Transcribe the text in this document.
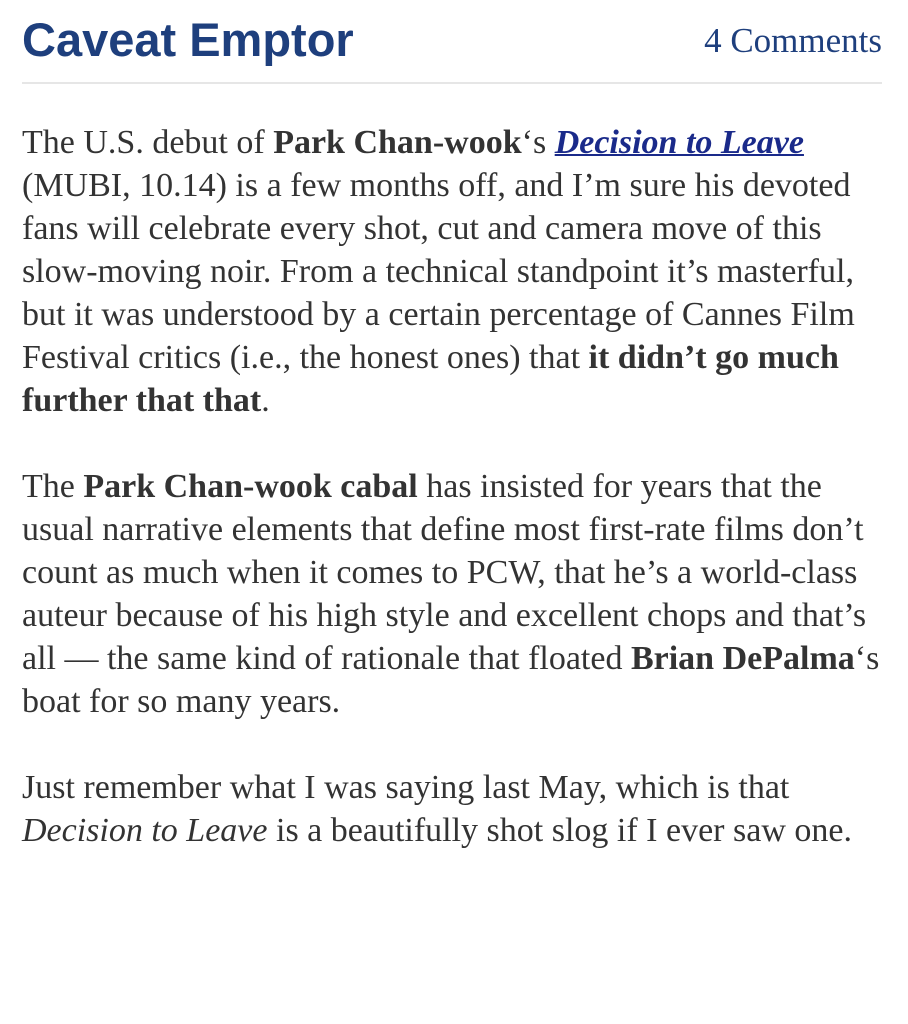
Caveat Emptor	4 Comments

The U.S. debut of Park Chan-wook‘s Decision to Leave (MUBI, 10.14) is a few months off, and I’m sure his devoted fans will celebrate every shot, cut and camera move of this slow-moving noir. From a technical standpoint it’s masterful, but it was understood by a certain percentage of Cannes Film Festival critics (i.e., the honest ones) that it didn’t go much further that that.

The Park Chan-wook cabal has insisted for years that the usual narrative elements that define most first-rate films don’t count as much when it comes to PCW, that he’s a world-class auteur because of his high style and excellent chops and that’s all — the same kind of rationale that floated Brian DePalma‘s boat for so many years.

Just remember what I was saying last May, which is that Decision to Leave is a beautifully shot slog if I ever saw one.
